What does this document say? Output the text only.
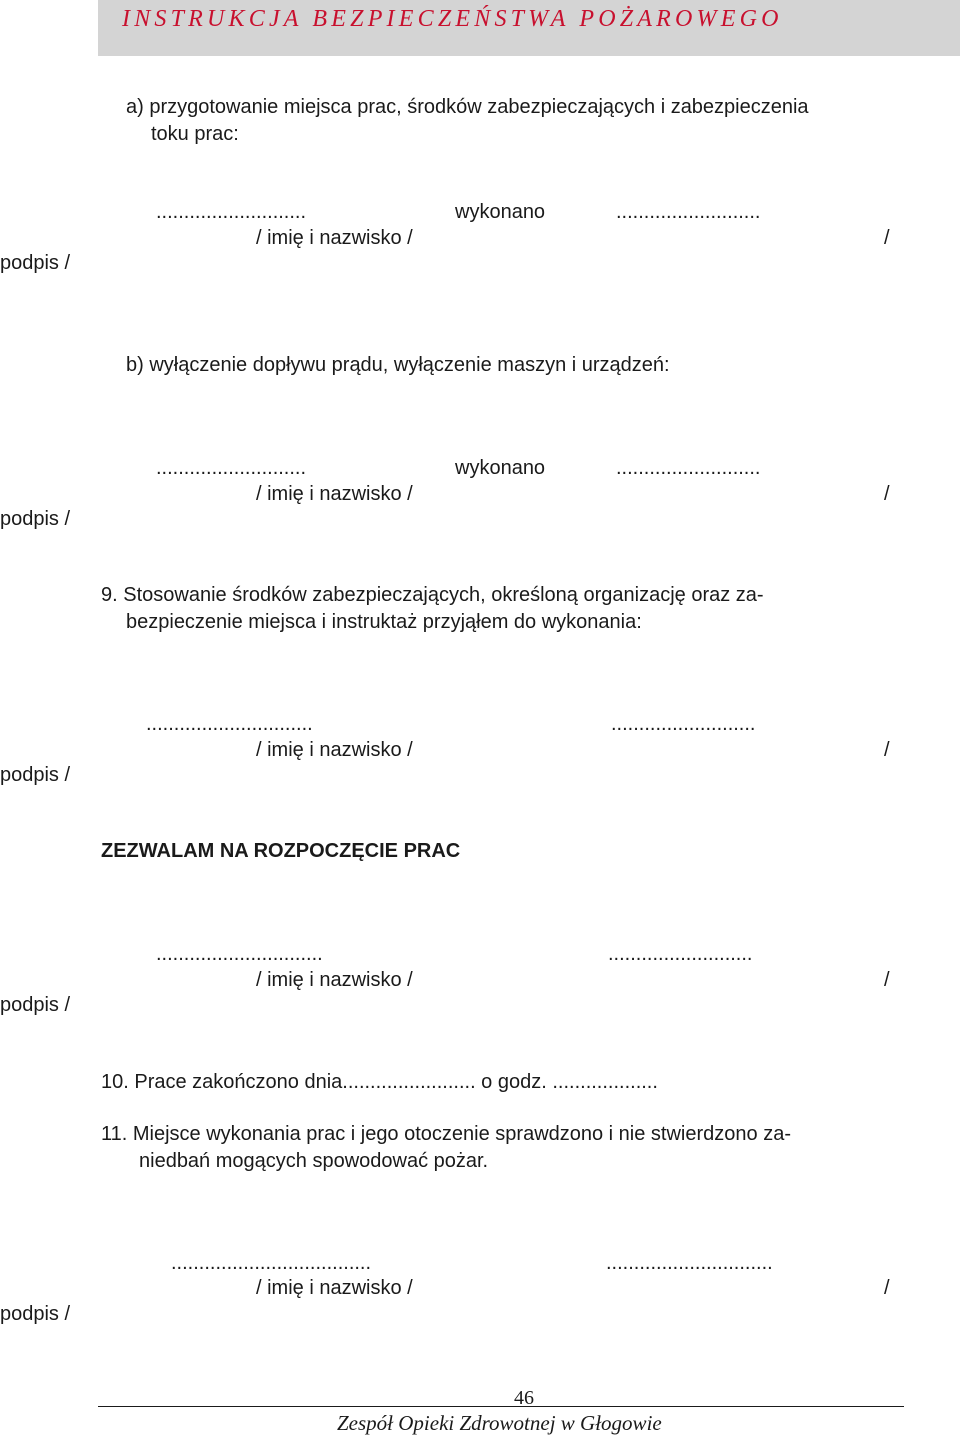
INSTRUKCJA BEZPIECZEŃSTWA POŻAROWEGO
a) przygotowanie miejsca prac, środków zabezpieczających i zabezpieczenia
toku prac:
...........................	wykonano	..........................
/ imię i nazwisko /	/
podpis /
b) wyłączenie dopływu prądu, wyłączenie maszyn i urządzeń:
...........................	wykonano	..........................
/ imię i nazwisko /	/
podpis /
9. Stosowanie środków zabezpieczających, określoną organizację oraz za-
bezpieczenie miejsca i instruktaż przyjąłem do wykonania:
..............................	..........................
/ imię i nazwisko /	/
podpis /
ZEZWALAM NA ROZPOCZĘCIE PRAC
..............................	..........................
/ imię i nazwisko /	/
podpis /
10. Prace zakończono dnia........................ o godz. ...................
11. Miejsce wykonania prac i jego otoczenie sprawdzono i nie stwierdzono za-
niedbań mogących spowodować pożar.
....................................	..............................
/ imię i nazwisko /	/
podpis /
46
Zespół Opieki Zdrowotnej w Głogowie
